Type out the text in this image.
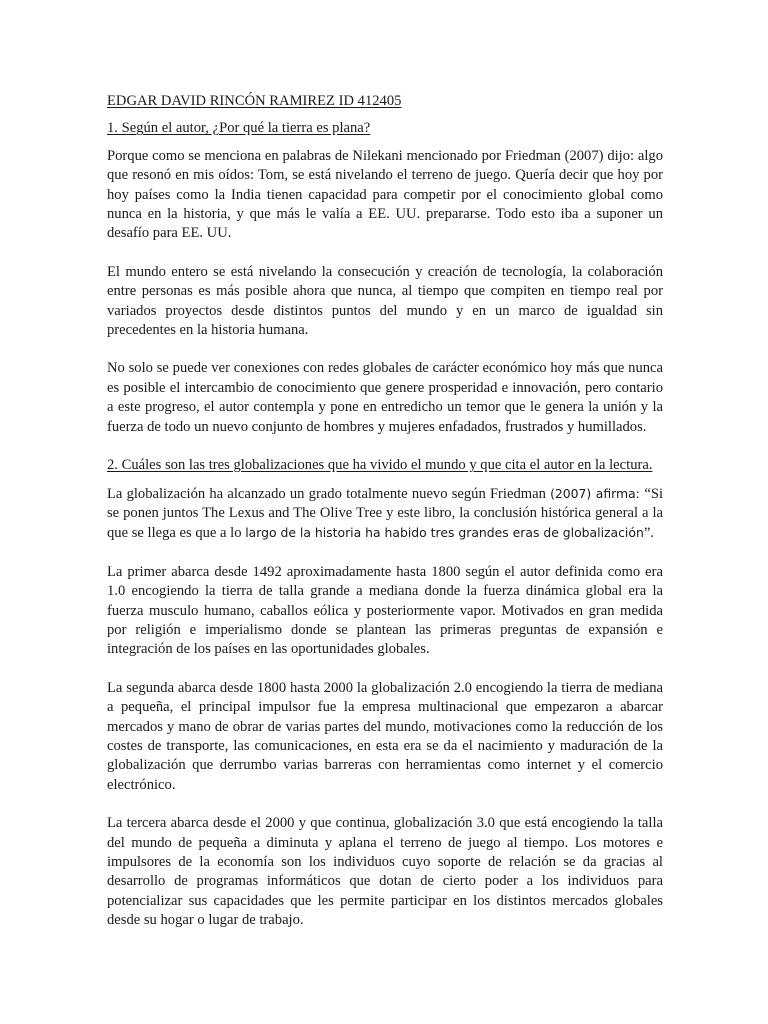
EDGAR DAVID RINCÓN RAMIREZ ID 412405

1. Según el autor, ¿Por qué la tierra es plana?

Porque como se menciona en palabras de Nilekani mencionado por Friedman (2007) dijo: algo que resonó en mis oídos: Tom, se está nivelando el terreno de juego. Quería decir que hoy por hoy países como la India tienen capacidad para competir por el conocimiento global como nunca en la historia, y que más le valía a EE. UU. prepararse. Todo esto iba a suponer un desafío para EE. UU.

El mundo entero se está nivelando la consecución y creación de tecnología, la colaboración entre personas es más posible ahora que nunca, al tiempo que compiten en tiempo real por variados proyectos desde distintos puntos del mundo y en un marco de igualdad sin precedentes en la historia humana.

No solo se puede ver conexiones con redes globales de carácter económico hoy más que nunca es posible el intercambio de conocimiento que genere prosperidad e innovación, pero contario a este progreso, el autor contempla y pone en entredicho un temor que le genera la unión y la fuerza de todo un nuevo conjunto de hombres y mujeres enfadados, frustrados y humillados.

2. Cuáles son las tres globalizaciones que ha vivido el mundo y que cita el autor en la lectura.

La globalización ha alcanzado un grado totalmente nuevo según Friedman (2007) afirma: “Si se ponen juntos The Lexus and The Olive Tree y este libro, la conclusión histórica general a la que se llega es que a lo largo de la historia ha habido tres grandes eras de globalización”.

La primer abarca desde 1492 aproximadamente hasta 1800 según el autor definida como era 1.0 encogiendo la tierra de talla grande a mediana donde la fuerza dinámica global era la fuerza musculo humano, caballos eólica y posteriormente vapor. Motivados en gran medida por religión e imperialismo donde se plantean las primeras preguntas de expansión e integración de los países en las oportunidades globales.

La segunda abarca desde 1800 hasta 2000 la globalización 2.0 encogiendo la tierra de mediana a pequeña, el principal impulsor fue la empresa multinacional que empezaron a abarcar mercados y mano de obrar de varias partes del mundo, motivaciones como la reducción de los costes de transporte, las comunicaciones, en esta era se da el nacimiento y maduración de la globalización que derrumbo varias barreras con herramientas como internet y el comercio electrónico.

La tercera abarca desde el 2000 y que continua, globalización 3.0 que está encogiendo la talla del mundo de pequeña a diminuta y aplana el terreno de juego al tiempo. Los motores e impulsores de la economía son los individuos cuyo soporte de relación se da gracias al desarrollo de programas informáticos que dotan de cierto poder a los individuos para potencializar sus capacidades que les permite participar en los distintos mercados globales desde su hogar o lugar de trabajo.
